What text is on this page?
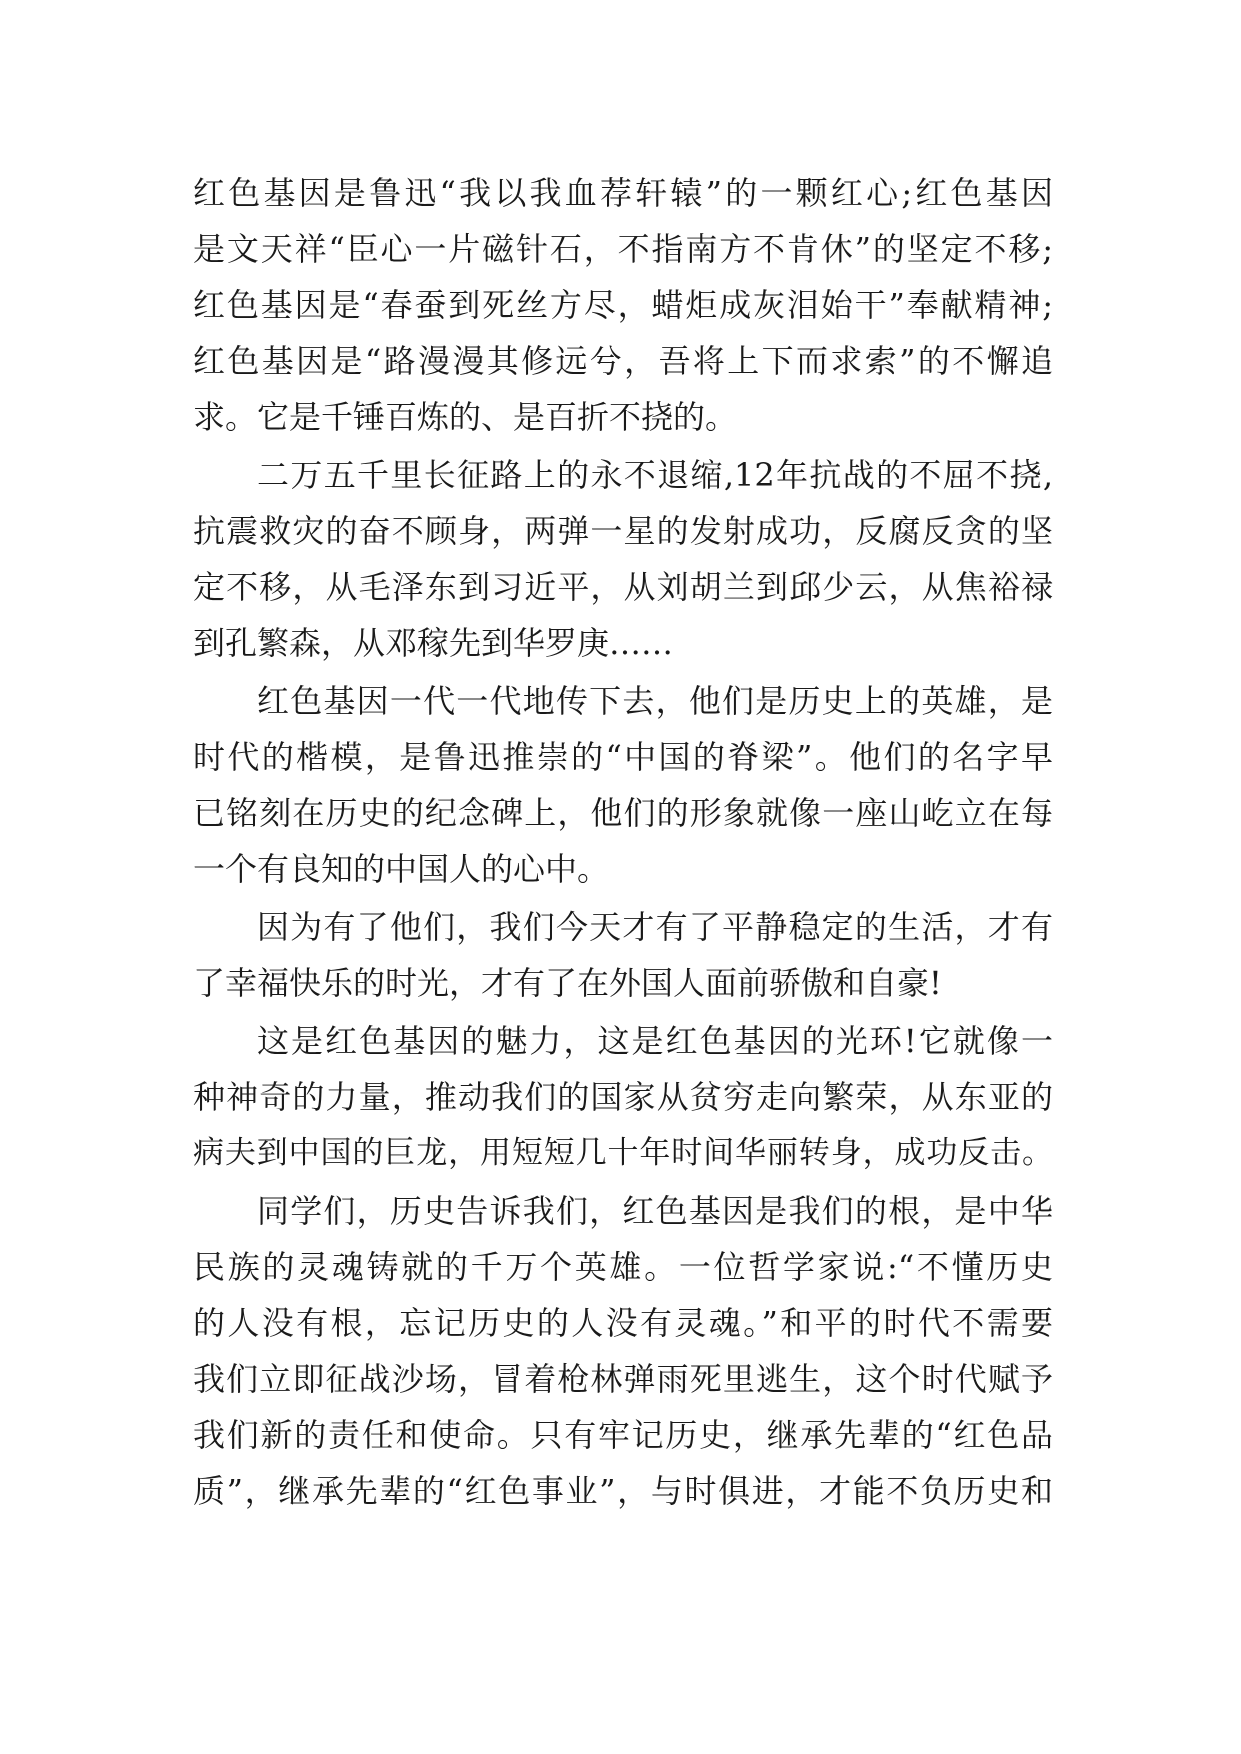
红色基因是鲁迅“我以我血荐轩辕”的一颗红心;红色基因

是文天祥“臣心一片磁针石，不指南方不肯休”的坚定不移;

红色基因是“春蚕到死丝方尽，蜡炬成灰泪始干”奉献精神;

红色基因是“路漫漫其修远兮，吾将上下而求索”的不懈追

求。它是千锤百炼的、是百折不挠的。

二万五千里长征路上的永不退缩,12年抗战的不屈不挠,

抗震救灾的奋不顾身，两弹一星的发射成功，反腐反贪的坚

定不移，从毛泽东到习近平，从刘胡兰到邱少云，从焦裕禄

到孔繁森，从邓稼先到华罗庚……

红色基因一代一代地传下去，他们是历史上的英雄，是

时代的楷模，是鲁迅推崇的“中国的脊梁”。他们的名字早

已铭刻在历史的纪念碑上，他们的形象就像一座山屹立在每

一个有良知的中国人的心中。

因为有了他们，我们今天才有了平静稳定的生活，才有

了幸福快乐的时光，才有了在外国人面前骄傲和自豪!

这是红色基因的魅力，这是红色基因的光环!它就像一

种神奇的力量，推动我们的国家从贫穷走向繁荣，从东亚的

病夫到中国的巨龙，用短短几十年时间华丽转身，成功反击。

同学们，历史告诉我们，红色基因是我们的根，是中华

民族的灵魂铸就的千万个英雄。一位哲学家说:“不懂历史

的人没有根，忘记历史的人没有灵魂。”和平的时代不需要

我们立即征战沙场，冒着枪林弹雨死里逃生，这个时代赋予

我们新的责任和使命。只有牢记历史，继承先辈的“红色品

质”，继承先辈的“红色事业”，与时俱进，才能不负历史和
